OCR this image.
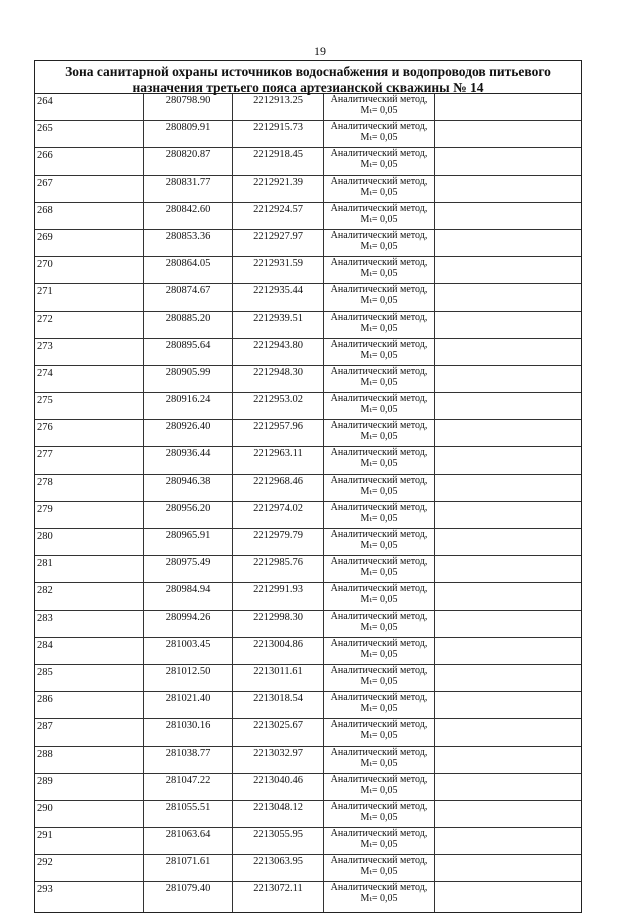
19
Зона санитарной охраны источников водоснабжения и водопроводов питьевого
назначения третьего пояса артезианской скважины № 14
264	280798.90	2212913.25	Аналитический метод,
Mₜ= 0,05	

265	280809.91	2212915.73	Аналитический метод,
Mₜ= 0,05	

266	280820.87	2212918.45	Аналитический метод,
Mₜ= 0,05	

267	280831.77	2212921.39	Аналитический метод,
Mₜ= 0,05	

268	280842.60	2212924.57	Аналитический метод,
Mₜ= 0,05	

269	280853.36	2212927.97	Аналитический метод,
Mₜ= 0,05	

270	280864.05	2212931.59	Аналитический метод,
Mₜ= 0,05	

271	280874.67	2212935.44	Аналитический метод,
Mₜ= 0,05	

272	280885.20	2212939.51	Аналитический метод,
Mₜ= 0,05	

273	280895.64	2212943.80	Аналитический метод,
Mₜ= 0,05	

274	280905.99	2212948.30	Аналитический метод,
Mₜ= 0,05	

275	280916.24	2212953.02	Аналитический метод,
Mₜ= 0,05	

276	280926.40	2212957.96	Аналитический метод,
Mₜ= 0,05	

277	280936.44	2212963.11	Аналитический метод,
Mₜ= 0,05	

278	280946.38	2212968.46	Аналитический метод,
Mₜ= 0,05	

279	280956.20	2212974.02	Аналитический метод,
Mₜ= 0,05	

280	280965.91	2212979.79	Аналитический метод,
Mₜ= 0,05	

281	280975.49	2212985.76	Аналитический метод,
Mₜ= 0,05	

282	280984.94	2212991.93	Аналитический метод,
Mₜ= 0,05	

283	280994.26	2212998.30	Аналитический метод,
Mₜ= 0,05	

284	281003.45	2213004.86	Аналитический метод,
Mₜ= 0,05	

285	281012.50	2213011.61	Аналитический метод,
Mₜ= 0,05	

286	281021.40	2213018.54	Аналитический метод,
Mₜ= 0,05	

287	281030.16	2213025.67	Аналитический метод,
Mₜ= 0,05	

288	281038.77	2213032.97	Аналитический метод,
Mₜ= 0,05	

289	281047.22	2213040.46	Аналитический метод,
Mₜ= 0,05	

290	281055.51	2213048.12	Аналитический метод,
Mₜ= 0,05	

291	281063.64	2213055.95	Аналитический метод,
Mₜ= 0,05	

292	281071.61	2213063.95	Аналитический метод,
Mₜ= 0,05	

293	281079.40	2213072.11	Аналитический метод,
Mₜ= 0,05	
